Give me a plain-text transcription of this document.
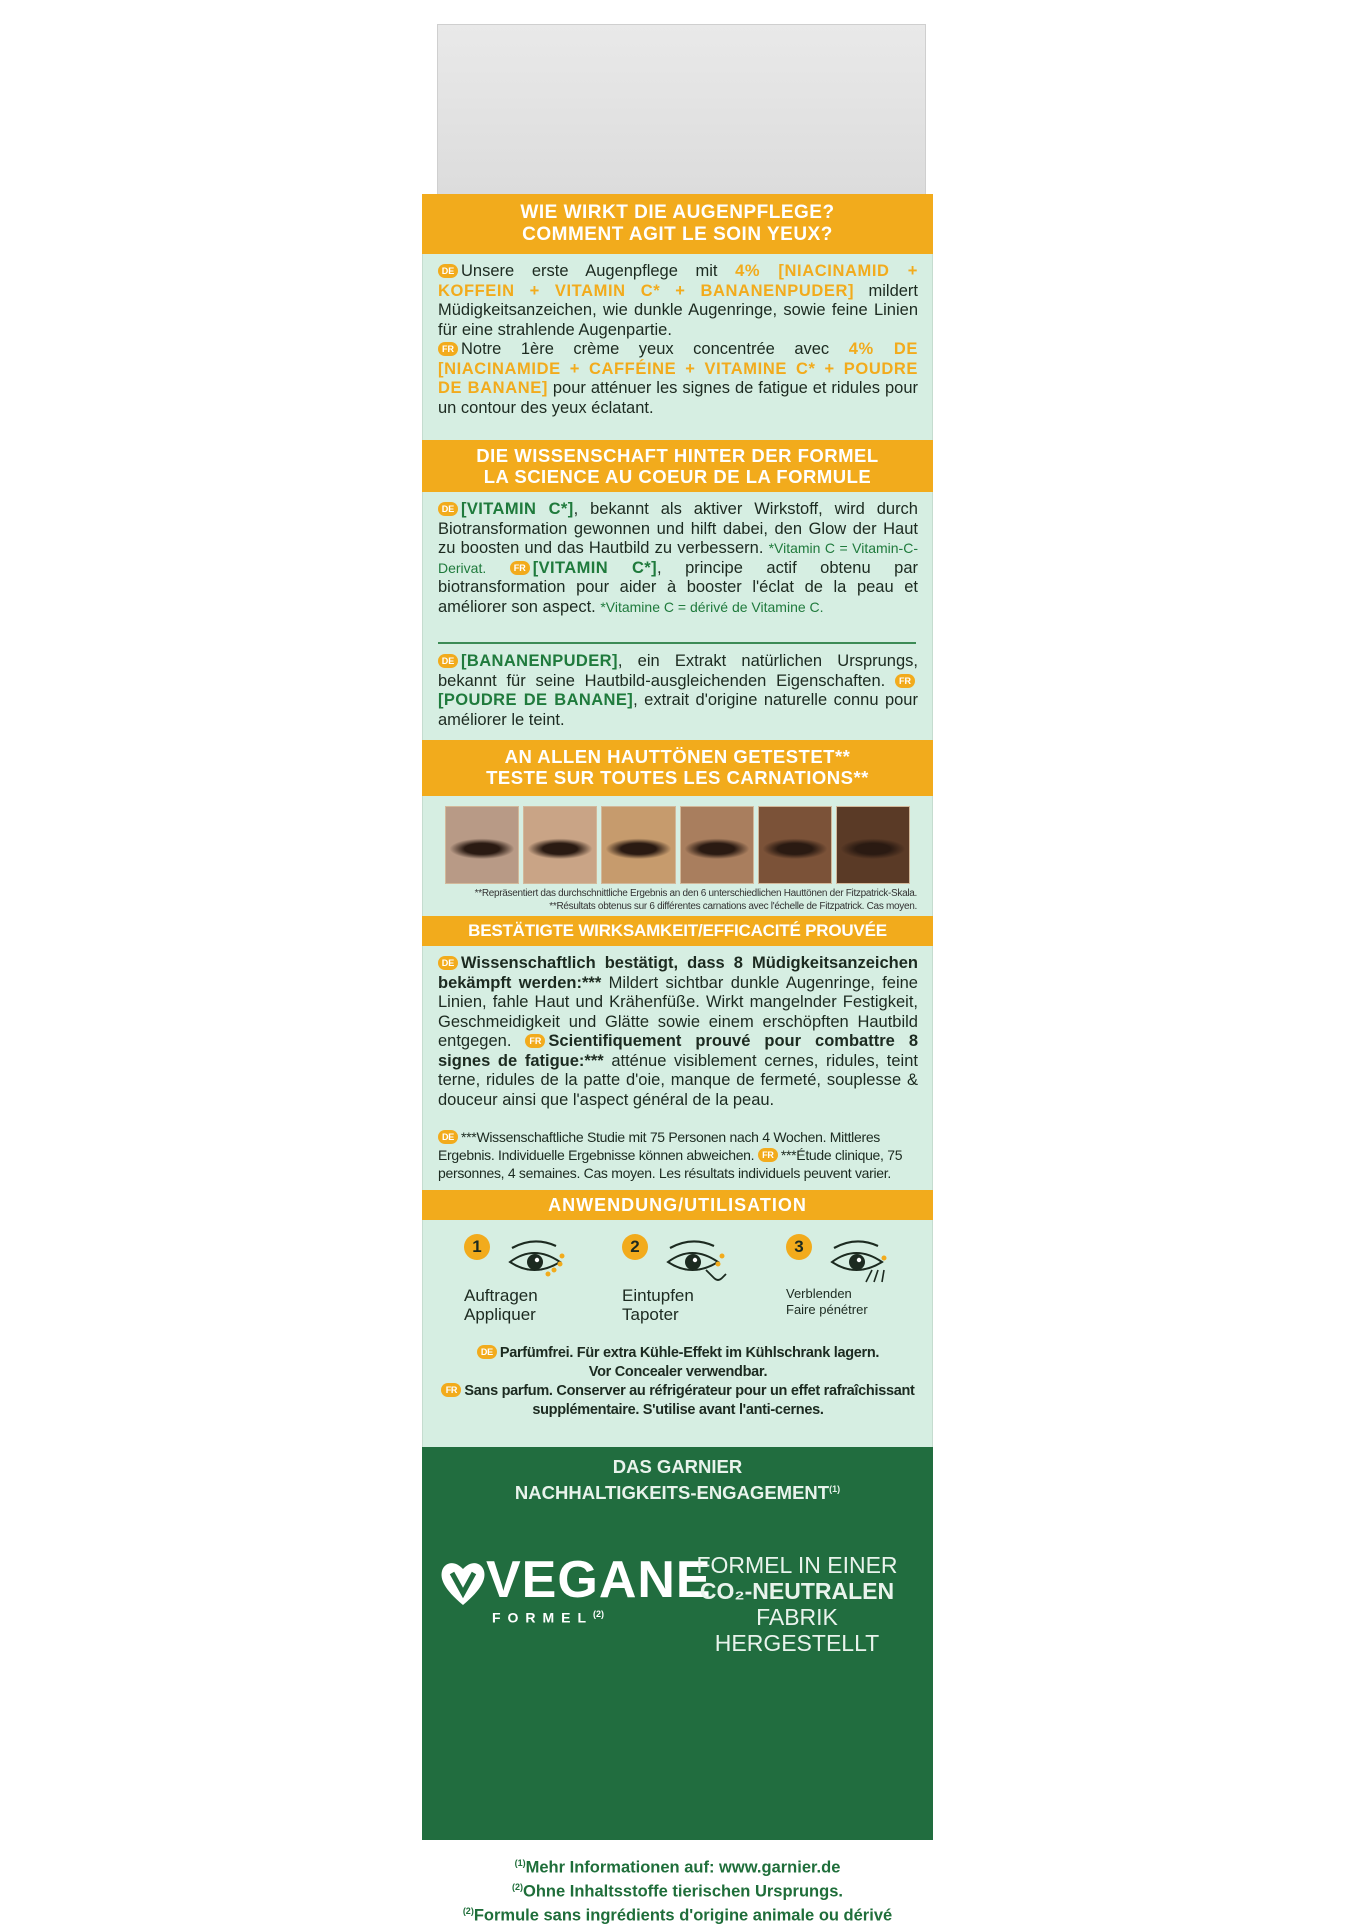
WIE WIRKT DIE AUGENPFLEGE?
COMMENT AGIT LE SOIN YEUX?
DE Unsere erste Augenpflege mit 4% [NIACINAMID + KOFFEIN + VITAMIN C* + BANANENPUDER] mildert Müdigkeitsanzeichen, wie dunkle Augenringe, sowie feine Linien für eine strahlende Augenpartie.
FR Notre 1ère crème yeux concentrée avec 4% DE [NIACINAMIDE + CAFFÉINE + VITAMINE C* + POUDRE DE BANANE] pour atténuer les signes de fatigue et ridules pour un contour des yeux éclatant.
DIE WISSENSCHAFT HINTER DER FORMEL
LA SCIENCE AU COEUR DE LA FORMULE
DE [VITAMIN C*], bekannt als aktiver Wirkstoff, wird durch Biotransformation gewonnen und hilft dabei, den Glow der Haut zu boosten und das Hautbild zu verbessern. *Vitamin C = Vitamin-C-Derivat.	FR [VITAMIN C*], principe actif obtenu par biotransformation pour aider à booster l'éclat de la peau et améliorer son aspect. *Vitamine C = dérivé de Vitamine C.
DE [BANANENPUDER], ein Extrakt natürlichen Ursprungs, bekannt für seine Hautbild-ausgleichenden Eigenschaften. FR[POUDRE DE BANANE], extrait d'origine naturelle connu pour améliorer le teint.
AN ALLEN HAUTTÖNEN GETESTET**
TESTE SUR TOUTES LES CARNATIONS**
**Repräsentiert das durchschnittliche Ergebnis an den 6 unterschiedlichen Hauttönen der Fitzpatrick-Skala.
**Résultats obtenus sur 6 différentes carnations avec l'échelle de Fitzpatrick. Cas moyen.
BESTÄTIGTE WIRKSAMKEIT/EFFICACITÉ PROUVÉE
DE Wissenschaftlich bestätigt, dass 8 Müdigkeitsanzeichen bekämpft werden:*** Mildert sichtbar dunkle Augenringe, feine Linien, fahle Haut und Krähenfüße. Wirkt mangelnder Festigkeit, Geschmeidigkeit und Glätte sowie einem erschöpften Hautbild entgegen. FR Scientifiquement prouvé pour combattre 8 signes de fatigue:*** atténue visiblement cernes, ridules, teint terne, ridules de la patte d'oie, manque de fermeté, souplesse & douceur ainsi que l'aspect général de la peau.
DE ***Wissenschaftliche Studie mit 75 Personen nach 4 Wochen. Mittleres Ergebnis. Individuelle Ergebnisse können abweichen. FR ***Étude clinique, 75 personnes, 4 semaines. Cas moyen. Les résultats individuels peuvent varier.
ANWENDUNG/UTILISATION
1
Auftragen
Appliquer
2
Eintupfen
Tapoter
3
Verblenden
Faire pénétrer
DE Parfümfrei. Für extra Kühle-Effekt im Kühlschrank lagern.
Vor Concealer verwendbar.
FR Sans parfum. Conserver au réfrigérateur pour un effet rafraîchissant
supplémentaire. S'utilise avant l'anti-cernes.
DAS GARNIER
NACHHALTIGKEITS-ENGAGEMENT$^{(1)}$
VEGANE
FORMEL$^{(2)}$
FORMEL IN EINER
CO₂-NEUTRALEN
FABRIK HERGESTELLT
$^{(1)}$Mehr Informationen auf: www.garnier.de
$^{(2)}$Ohne Inhaltsstoffe tierischen Ursprungs.
$^{(2)}$Formule sans ingrédients d'origine animale ou dérivé
